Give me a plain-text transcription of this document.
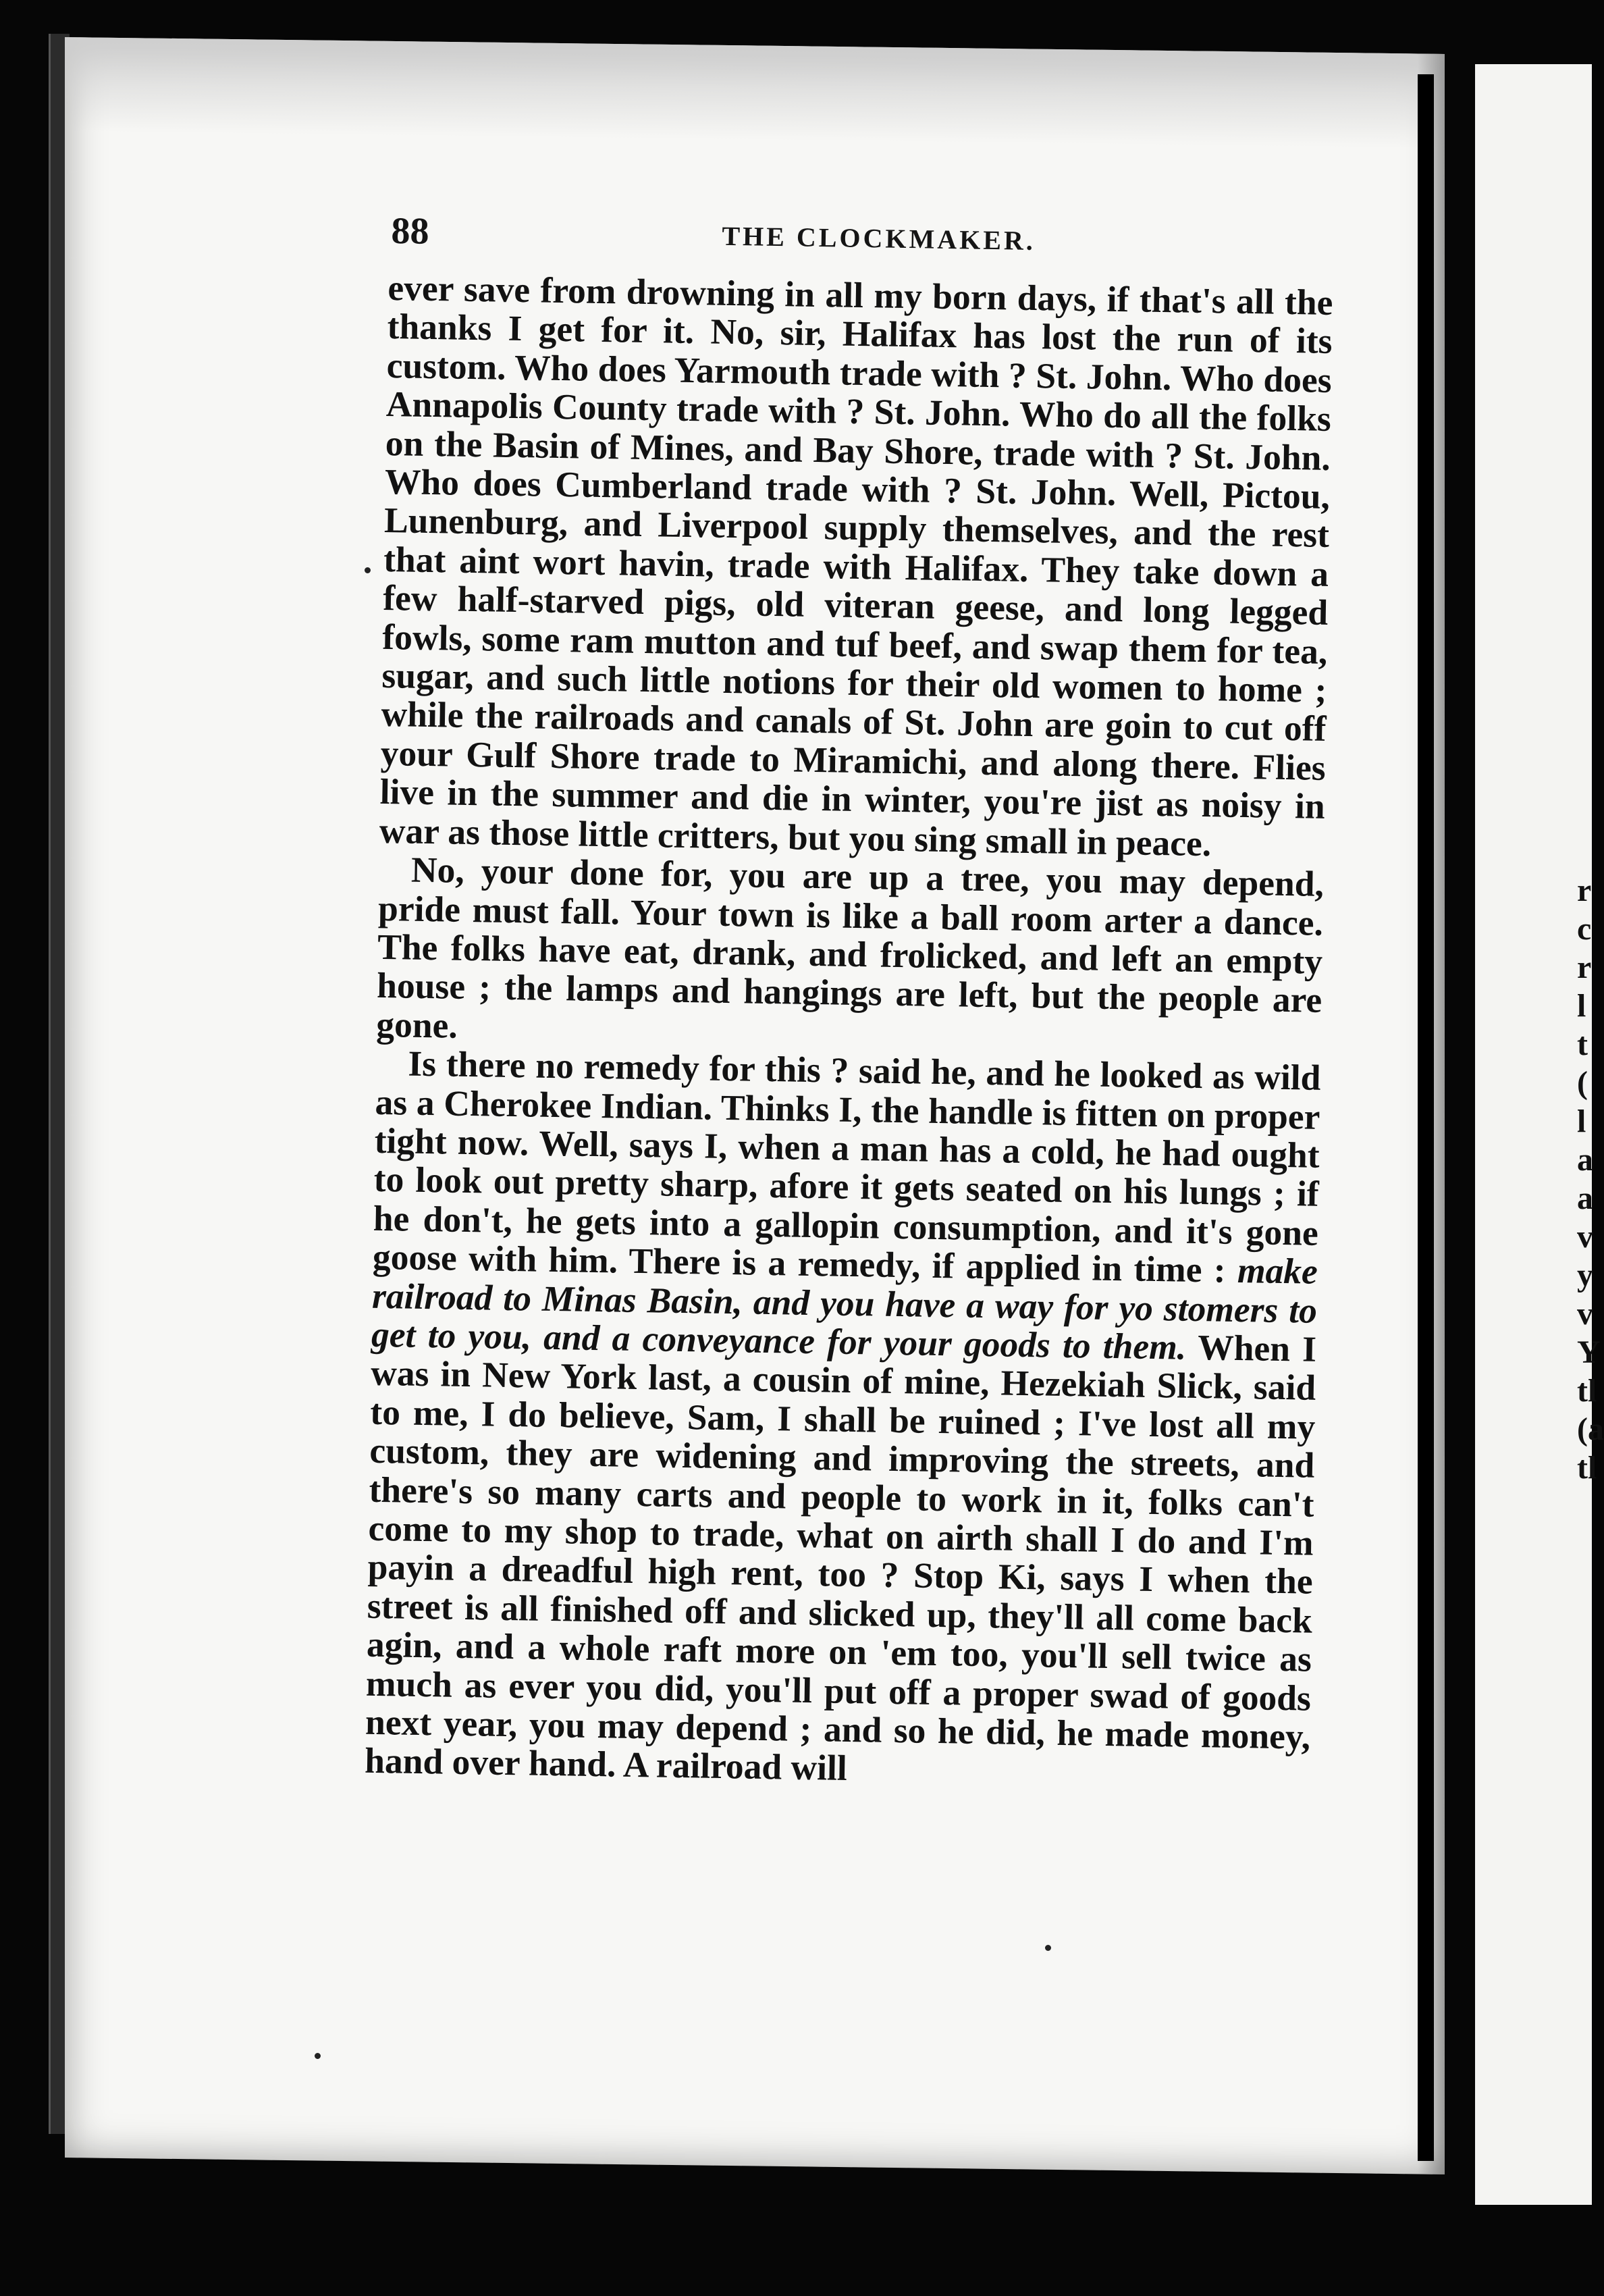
r c r l t ( l a a v y v Y tl (a tl
88	THE CLOCKMAKER.

ever save from drowning in all my born days, if that's all the thanks I get for it. No, sir, Halifax has lost the run of its custom. Who does Yarmouth trade with ? St. John. Who does Annapolis County trade with ? St. John. Who do all the folks on the Basin of Mines, and Bay Shore, trade with ? St. John. Who does Cumberland trade with ? St. John. Well, Pictou, Lunenburg, and Liverpool supply themselves, and the rest that aint wort havin, trade with Halifax. They take down a few half-starved pigs, old viteran geese, and long legged fowls, some ram mutton and tuf beef, and swap them for tea, sugar, and such little notions for their old women to home ; while the railroads and canals of St. John are goin to cut off your Gulf Shore trade to Miramichi, and along there. Flies live in the summer and die in winter, you're jist as noisy in war as those little critters, but you sing small in peace.

No, your done for, you are up a tree, you may depend, pride must fall. Your town is like a ball room arter a dance. The folks have eat, drank, and frolicked, and left an empty house ; the lamps and hangings are left, but the people are gone.

Is there no remedy for this ? said he, and he looked as wild as a Cherokee Indian. Thinks I, the handle is fitten on proper tight now. Well, says I, when a man has a cold, he had ought to look out pretty sharp, afore it gets seated on his lungs ; if he don't, he gets into a gallopin consumption, and it's gone goose with him. There is a remedy, if applied in time : make railroad to Minas Basin, and you have a way for yo stomers to get to you, and a conveyance for your goods to them. When I was in New York last, a cousin of mine, Hezekiah Slick, said to me, I do believe, Sam, I shall be ruined ; I've lost all my custom, they are widening and improving the streets, and there's so many carts and people to work in it, folks can't come to my shop to trade, what on airth shall I do and I'm payin a dreadful high rent, too ? Stop Ki, says I when the street is all finished off and slicked up, they'll all come back agin, and a whole raft more on 'em too, you'll sell twice as much as ever you did, you'll put off a proper swad of goods next year, you may depend ; and so he did, he made money, hand over hand. A railroad will
